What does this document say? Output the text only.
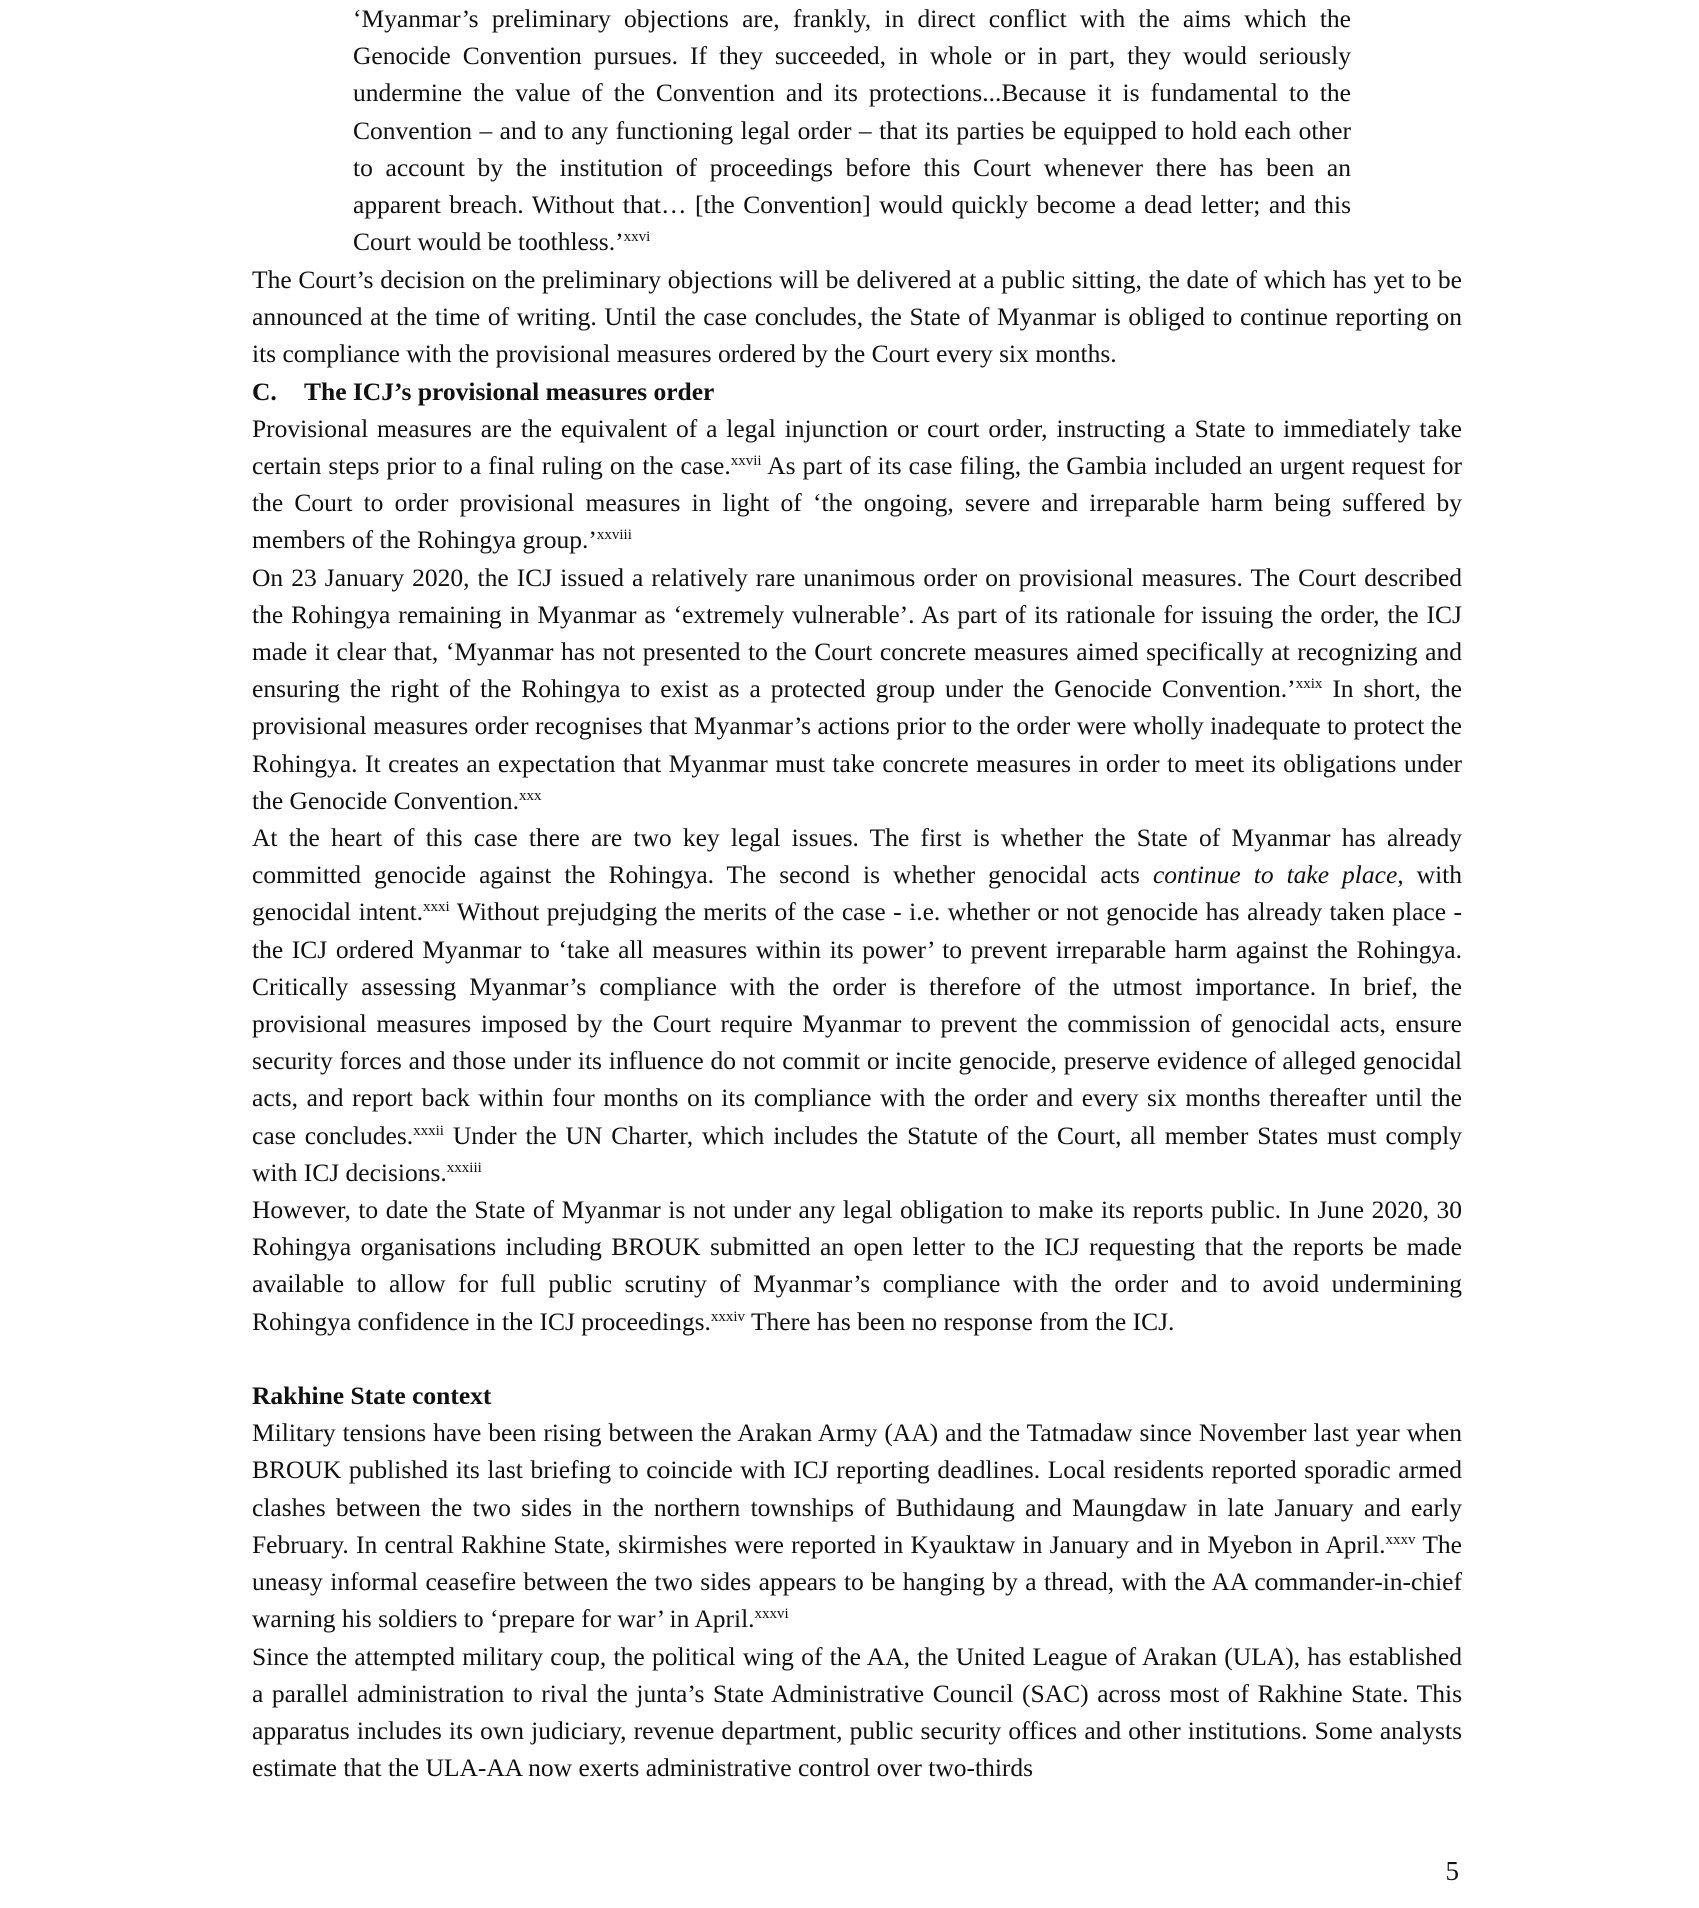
‘Myanmar’s preliminary objections are, frankly, in direct conflict with the aims which the Genocide Convention pursues. If they succeeded, in whole or in part, they would seriously undermine the value of the Convention and its protections...Because it is fundamental to the Convention – and to any functioning legal order – that its parties be equipped to hold each other to account by the institution of proceedings before this Court whenever there has been an apparent breach. Without that… [the Convention] would quickly become a dead letter; and this Court would be toothless.’$^{xxvi}$

The Court’s decision on the preliminary objections will be delivered at a public sitting, the date of which has yet to be announced at the time of writing. Until the case concludes, the State of Myanmar is obliged to continue reporting on its compliance with the provisional measures ordered by the Court every six months.

C. The ICJ’s provisional measures order

Provisional measures are the equivalent of a legal injunction or court order, instructing a State to immediately take certain steps prior to a final ruling on the case.$^{xxvii}$ As part of its case filing, the Gambia included an urgent request for the Court to order provisional measures in light of ‘the ongoing, severe and irreparable harm being suffered by members of the Rohingya group.’$^{xxviii}$

On 23 January 2020, the ICJ issued a relatively rare unanimous order on provisional measures. The Court described the Rohingya remaining in Myanmar as ‘extremely vulnerable’. As part of its rationale for issuing the order, the ICJ made it clear that, ‘Myanmar has not presented to the Court concrete measures aimed specifically at recognizing and ensuring the right of the Rohingya to exist as a protected group under the Genocide Convention.’$^{xxix}$ In short, the provisional measures order recognises that Myanmar’s actions prior to the order were wholly inadequate to protect the Rohingya. It creates an expectation that Myanmar must take concrete measures in order to meet its obligations under the Genocide Convention.$^{xxx}$

At the heart of this case there are two key legal issues. The first is whether the State of Myanmar has already committed genocide against the Rohingya. The second is whether genocidal acts continue to take place, with genocidal intent.$^{xxxi}$ Without prejudging the merits of the case - i.e. whether or not genocide has already taken place - the ICJ ordered Myanmar to ‘take all measures within its power’ to prevent irreparable harm against the Rohingya. Critically assessing Myanmar’s compliance with the order is therefore of the utmost importance. In brief, the provisional measures imposed by the Court require Myanmar to prevent the commission of genocidal acts, ensure security forces and those under its influence do not commit or incite genocide, preserve evidence of alleged genocidal acts, and report back within four months on its compliance with the order and every six months thereafter until the case concludes.$^{xxxii}$ Under the UN Charter, which includes the Statute of the Court, all member States must comply with ICJ decisions.$^{xxxiii}$

However, to date the State of Myanmar is not under any legal obligation to make its reports public. In June 2020, 30 Rohingya organisations including BROUK submitted an open letter to the ICJ requesting that the reports be made available to allow for full public scrutiny of Myanmar’s compliance with the order and to avoid undermining Rohingya confidence in the ICJ proceedings.$^{xxxiv}$ There has been no response from the ICJ.

Rakhine State context

Military tensions have been rising between the Arakan Army (AA) and the Tatmadaw since November last year when BROUK published its last briefing to coincide with ICJ reporting deadlines. Local residents reported sporadic armed clashes between the two sides in the northern townships of Buthidaung and Maungdaw in late January and early February. In central Rakhine State, skirmishes were reported in Kyauktaw in January and in Myebon in April.$^{xxxv}$ The uneasy informal ceasefire between the two sides appears to be hanging by a thread, with the AA commander-in-chief warning his soldiers to ‘prepare for war’ in April.$^{xxxvi}$

Since the attempted military coup, the political wing of the AA, the United League of Arakan (ULA), has established a parallel administration to rival the junta’s State Administrative Council (SAC) across most of Rakhine State. This apparatus includes its own judiciary, revenue department, public security offices and other institutions. Some analysts estimate that the ULA-AA now exerts administrative control over two-thirds

5
